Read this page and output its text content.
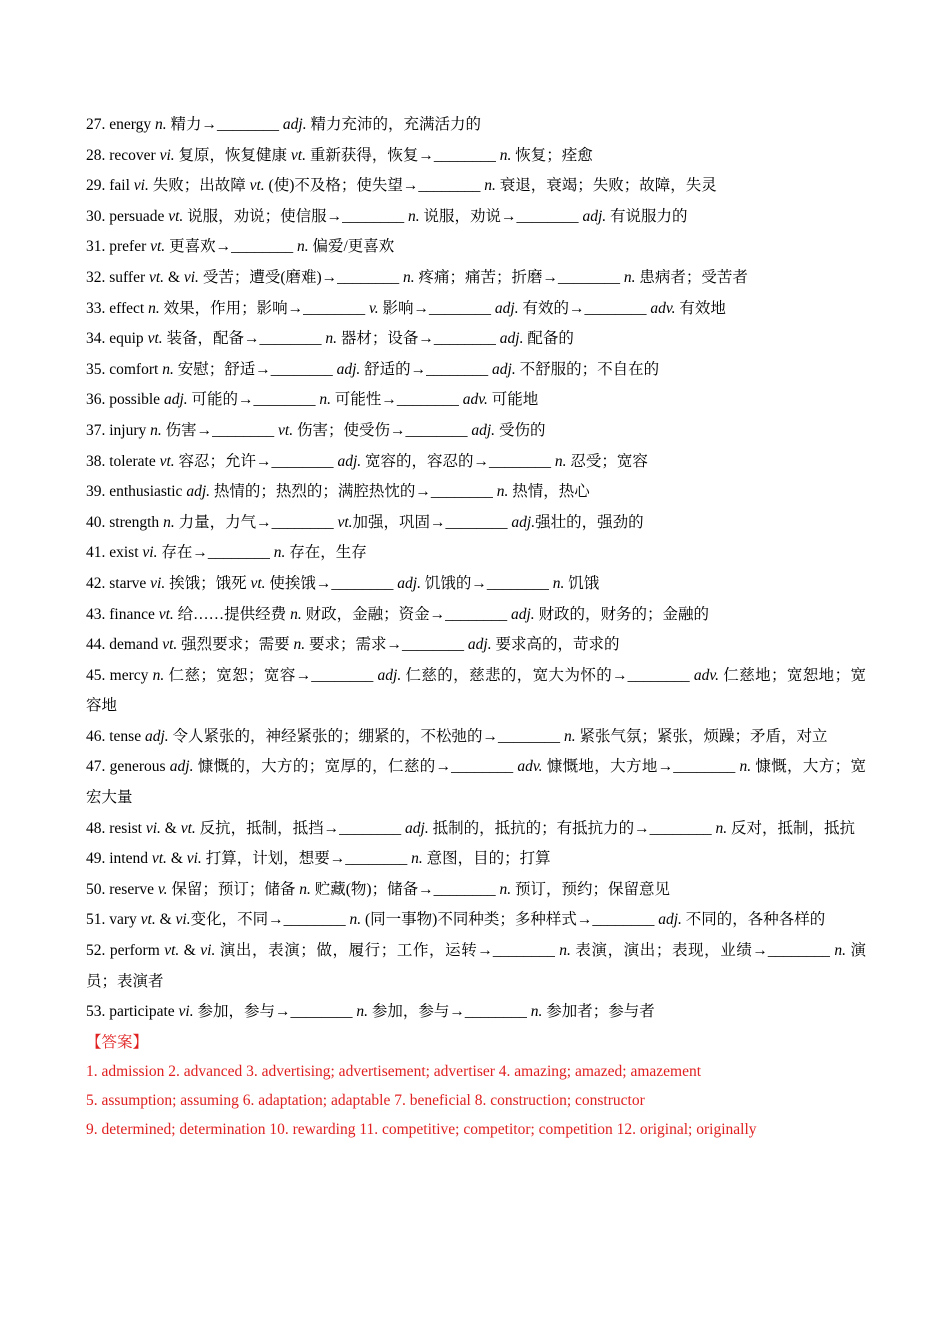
27. energy n. 精力→________ adj. 精力充沛的，充满活力的

28. recover vi. 复原，恢复健康 vt. 重新获得，恢复→________ n. 恢复；痊愈

29. fail vi. 失败；出故障 vt. (使)不及格；使失望→________ n. 衰退，衰竭；失败；故障，失灵

30. persuade vt. 说服，劝说；使信服→________ n. 说服，劝说→________ adj. 有说服力的

31. prefer vt. 更喜欢→________ n. 偏爱/更喜欢

32. suffer vt. & vi. 受苦；遭受(磨难)→________ n. 疼痛；痛苦；折磨→________ n. 患病者；受苦者

33. effect n. 效果，作用；影响→________ v. 影响→________ adj. 有效的→________ adv. 有效地

34. equip vt. 装备，配备→________ n. 器材；设备→________ adj. 配备的

35. comfort n. 安慰；舒适→________ adj. 舒适的→________ adj. 不舒服的；不自在的

36. possible adj. 可能的→________ n. 可能性→________ adv. 可能地

37. injury n. 伤害→________ vt. 伤害；使受伤→________ adj. 受伤的

38. tolerate vt. 容忍；允许→________ adj. 宽容的，容忍的→________ n. 忍受；宽容

39. enthusiastic adj. 热情的；热烈的；满腔热忱的→________ n. 热情，热心

40. strength n. 力量，力气→________ vt.加强，巩固→________ adj.强壮的，强劲的

41. exist vi. 存在→________ n. 存在，生存

42. starve vi. 挨饿；饿死 vt. 使挨饿→________ adj. 饥饿的→________ n. 饥饿

43. finance vt. 给……提供经费 n. 财政，金融；资金→________ adj. 财政的，财务的；金融的

44. demand vt. 强烈要求；需要 n. 要求；需求→________ adj. 要求高的，苛求的

45. mercy n. 仁慈；宽恕；宽容→________ adj. 仁慈的，慈悲的，宽大为怀的→________ adv. 仁慈地；宽恕地；宽容地

46. tense adj. 令人紧张的，神经紧张的；绷紧的，不松弛的→________ n. 紧张气氛；紧张，烦躁；矛盾，对立

47. generous adj. 慷慨的，大方的；宽厚的，仁慈的→________ adv. 慷慨地，大方地→________ n. 慷慨，大方；宽宏大量

48. resist vi. & vt. 反抗，抵制，抵挡→________ adj. 抵制的，抵抗的；有抵抗力的→________ n. 反对，抵制，抵抗

49. intend vt. & vi. 打算，计划，想要→________ n. 意图，目的；打算

50. reserve v. 保留；预订；储备 n. 贮藏(物)；储备→________ n. 预订，预约；保留意见

51. vary vt. & vi.变化，不同→________ n. (同一事物)不同种类；多种样式→________ adj. 不同的，各种各样的

52. perform vt. & vi. 演出，表演；做，履行；工作，运转→________ n. 表演，演出；表现，业绩→________ n. 演员；表演者

53. participate vi. 参加，参与→________ n. 参加，参与→________ n. 参加者；参与者

【答案】

1. admission 2. advanced 3. advertising; advertisement; advertiser 4. amazing; amazed; amazement

5. assumption; assuming 6. adaptation; adaptable 7. beneficial 8. construction; constructor

9. determined; determination 10. rewarding 11. competitive; competitor; competition 12. original; originally
